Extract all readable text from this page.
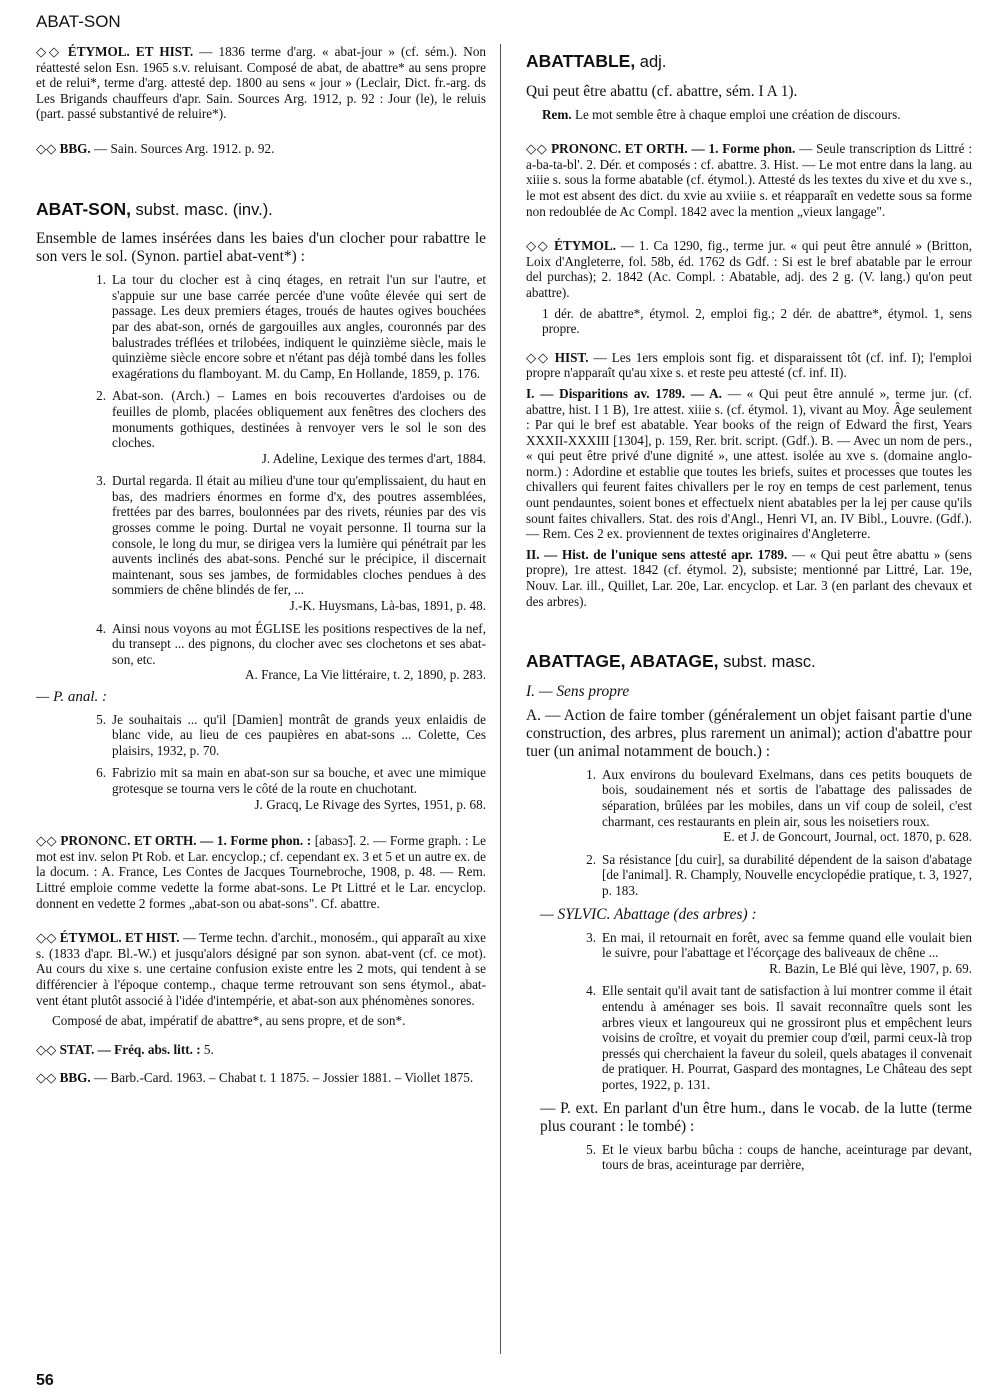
ABAT-SON

◇◇ ÉTYMOL. ET HIST. — 1836 terme d'arg. « abat-jour » (cf. sém.). Non réattesté selon Esn. 1965 s.v. reluisant. Composé de abat, de abattre* au sens propre et de relui*, terme d'arg. attesté dep. 1800 au sens « jour » (Leclair, Dict. fr.-arg. ds Les Brigands chauffeurs d'apr. Sain. Sources Arg. 1912, p. 92 : Jour (le), le reluis (part. passé substantivé de reluire*).

◇◇ BBG. — Sain. Sources Arg. 1912. p. 92.

ABAT-SON, subst. masc. (inv.).

Ensemble de lames insérées dans les baies d'un clocher pour rabattre le son vers le sol. (Synon. partiel abat-vent*) :

1. La tour du clocher est à cinq étages, en retrait l'un sur l'autre, et s'appuie sur une base carrée percée d'une voûte élevée qui sert de passage. Les deux premiers étages, troués de hautes ogives bouchées par des abat-son, ornés de gargouilles aux angles, couronnés par des balustrades tréflées et trilobées, indiquent le quinzième siècle, mais le quinzième siècle encore sobre et n'étant pas déjà tombé dans les folles exagérations du flamboyant. M. du Camp, En Hollande, 1859, p. 176.
2. Abat-son. (Arch.) – Lames en bois recouvertes d'ardoises ou de feuilles de plomb, placées obliquement aux fenêtres des clochers des monuments gothiques, destinées à renvoyer vers le sol le son des cloches.
J. Adeline, Lexique des termes d'art, 1884.
3. Durtal regarda. Il était au milieu d'une tour qu'emplissaient, du haut en bas, des madriers énormes en forme d'x, des poutres assemblées, frettées par des barres, boulonnées par des rivets, réunies par des vis grosses comme le poing. Durtal ne voyait personne. Il tourna sur la console, le long du mur, se dirigea vers la lumière qui pénétrait par les auvents inclinés des abat-sons. Penché sur le précipice, il discernait maintenant, sous ses jambes, de formidables cloches pendues à des sommiers de chêne blindés de fer, ...
J.-K. Huysmans, Là-bas, 1891, p. 48.
4. Ainsi nous voyons au mot ÉGLISE les positions respectives de la nef, du transept ... des pignons, du clocher avec ses clochetons et ses abat-son, etc.
A. France, La Vie littéraire, t. 2, 1890, p. 283.

— P. anal. :

5. Je souhaitais ... qu'il [Damien] montrât de grands yeux enlaidis de blanc vide, au lieu de ces paupières en abat-sons ... Colette, Ces plaisirs, 1932, p. 70.
6. Fabrizio mit sa main en abat-son sur sa bouche, et avec une mimique grotesque se tourna vers le côté de la route en chuchotant.
J. Gracq, Le Rivage des Syrtes, 1951, p. 68.

◇◇ PRONONC. ET ORTH. — 1. Forme phon. : [abasɔ̃]. 2. — Forme graph. : Le mot est inv. selon Pt Rob. et Lar. encyclop.; cf. cependant ex. 3 et 5 et un autre ex. de la docum. : A. France, Les Contes de Jacques Tournebroche, 1908, p. 48. — Rem. Littré emploie comme vedette la forme abat-sons. Le Pt Littré et le Lar. encyclop. donnent en vedette 2 formes „abat-son ou abat-sons". Cf. abattre.

◇◇ ÉTYMOL. ET HIST. — Terme techn. d'archit., monosém., qui apparaît au xixe s. (1833 d'apr. Bl.-W.) et jusqu'alors désigné par son synon. abat-vent (cf. ce mot). Au cours du xixe s. une certaine confusion existe entre les 2 mots, qui tendent à se différencier à l'époque contemp., chaque terme retrouvant son sens étymol., abat-vent étant plutôt associé à l'idée d'intempérie, et abat-son aux phénomènes sonores.

Composé de abat, impératif de abattre*, au sens propre, et de son*.

◇◇ STAT. — Fréq. abs. litt. : 5.

◇◇ BBG. — Barb.-Card. 1963. – Chabat t. 1 1875. – Jossier 1881. – Viollet 1875.

ABATTABLE, adj.

Qui peut être abattu (cf. abattre, sém. I A 1).

Rem. Le mot semble être à chaque emploi une création de discours.

◇◇ PRONONC. ET ORTH. — 1. Forme phon. — Seule transcription ds Littré : a-ba-ta-bl'. 2. Dér. et composés : cf. abattre. 3. Hist. — Le mot entre dans la lang. au xiiie s. sous la forme abatable (cf. étymol.). Attesté ds les textes du xive et du xve s., le mot est absent des dict. du xvie au xviiie s. et réapparaît en vedette sous sa forme non redoublée de Ac Compl. 1842 avec la mention „vieux langage".

◇◇ ÉTYMOL. — 1. Ca 1290, fig., terme jur. « qui peut être annulé » (Britton, Loix d'Angleterre, fol. 58b, éd. 1762 ds Gdf. : Si est le bref abatable par le errour del purchas); 2. 1842 (Ac. Compl. : Abatable, adj. des 2 g. (V. lang.) qu'on peut abattre).

1 dér. de abattre*, étymol. 2, emploi fig.; 2 dér. de abattre*, étymol. 1, sens propre.

◇◇ HIST. — Les 1ers emplois sont fig. et disparaissent tôt (cf. inf. I); l'emploi propre n'apparaît qu'au xixe s. et reste peu attesté (cf. inf. II).

I. — Disparitions av. 1789. — A. — « Qui peut être annulé », terme jur. (cf. abattre, hist. I 1 B), 1re attest. xiiie s. (cf. étymol. 1), vivant au Moy. Âge seulement : Par qui le bref est abatable. Year books of the reign of Edward the first, Years XXXII-XXXIII [1304], p. 159, Rer. brit. script. (Gdf.). B. — Avec un nom de pers., « qui peut être privé d'une dignité », une attest. isolée au xve s. (domaine anglo-norm.) : Adordine et establie que toutes les briefs, suites et processes que toutes les chivallers qui feurent faites chivallers per le roy en temps de cest parlement, tenus ount pendauntes, soient bones et effectuelx nient abatables per la lej per cause qu'ils sount faites chivallers. Stat. des rois d'Angl., Henri VI, an. IV Bibl., Louvre. (Gdf.). — Rem. Ces 2 ex. proviennent de textes originaires d'Angleterre.

II. — Hist. de l'unique sens attesté apr. 1789. — « Qui peut être abattu » (sens propre), 1re attest. 1842 (cf. étymol. 2), subsiste; mentionné par Littré, Lar. 19e, Nouv. Lar. ill., Quillet, Lar. 20e, Lar. encyclop. et Lar. 3 (en parlant des chevaux et des arbres).

ABATTAGE, ABATAGE, subst. masc.

I. — Sens propre

A. — Action de faire tomber (généralement un objet faisant partie d'une construction, des arbres, plus rarement un animal); action d'abattre pour tuer (un animal notamment de bouch.) :

1. Aux environs du boulevard Exelmans, dans ces petits bouquets de bois, soudainement nés et sortis de l'abattage des palissades de séparation, brûlées par les mobiles, dans un vif coup de soleil, c'est charmant, ces restaurants en plein air, sous les noisetiers roux.
E. et J. de Goncourt, Journal, oct. 1870, p. 628.
2. Sa résistance [du cuir], sa durabilité dépendent de la saison d'abatage [de l'animal]. R. Champly, Nouvelle encyclopédie pratique, t. 3, 1927, p. 183.

— SYLVIC. Abattage (des arbres) :

3. En mai, il retournait en forêt, avec sa femme quand elle voulait bien le suivre, pour l'abattage et l'écorçage des baliveaux de chêne ...
R. Bazin, Le Blé qui lève, 1907, p. 69.
4. Elle sentait qu'il avait tant de satisfaction à lui montrer comme il était entendu à aménager ses bois. Il savait reconnaître quels sont les arbres vieux et langoureux qui ne grossiront plus et empêchent leurs voisins de croître, et voyait du premier coup d'œil, parmi ceux-là trop pressés qui cherchaient la faveur du soleil, quels abatages il convenait de pratiquer. H. Pourrat, Gaspard des montagnes, Le Château des sept portes, 1922, p. 131.

— P. ext. En parlant d'un être hum., dans le vocab. de la lutte (terme plus courant : le tombé) :

5. Et le vieux barbu bûcha : coups de hanche, aceinturage par devant, tours de bras, aceinturage par derrière,
56
